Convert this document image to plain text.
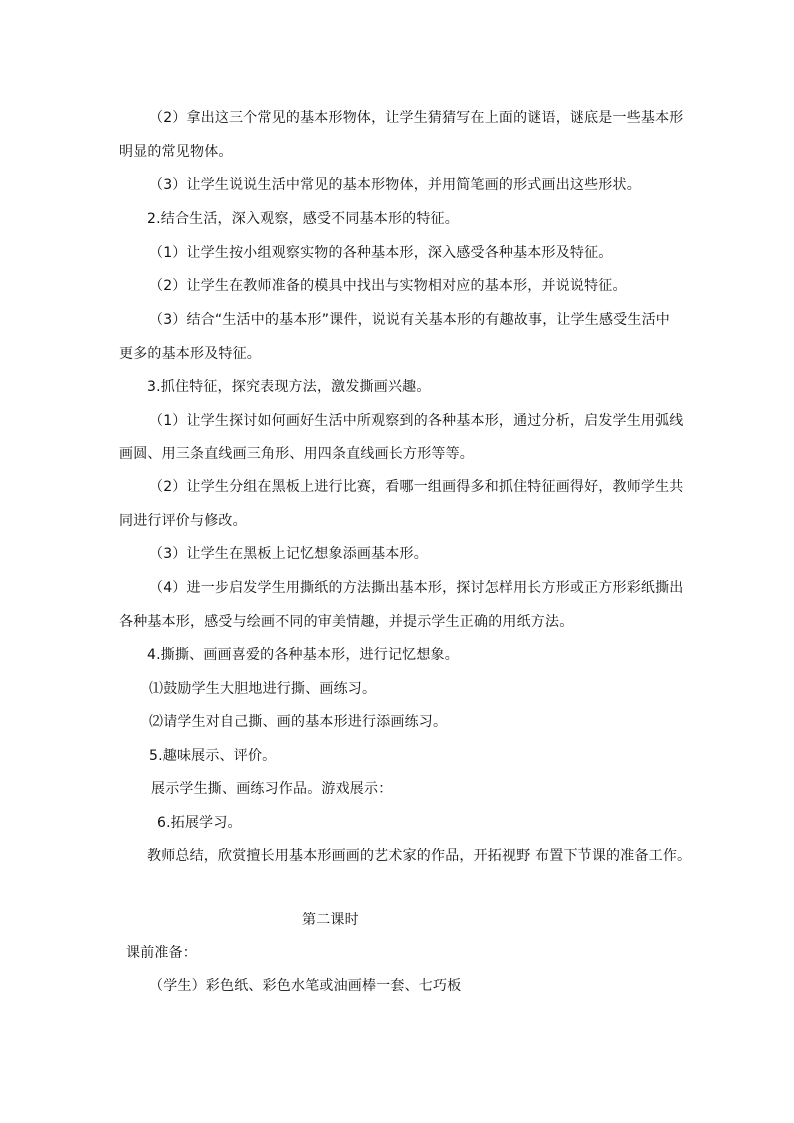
（2）拿出这三个常见的基本形物体，让学生猜猜写在上面的谜语，谜底是一些基本形
明显的常见物体。
（3）让学生说说生活中常见的基本形物体，并用简笔画的形式画出这些形状。
2.结合生活，深入观察，感受不同基本形的特征。
（1）让学生按小组观察实物的各种基本形，深入感受各种基本形及特征。
（2）让学生在教师准备的模具中找出与实物相对应的基本形，并说说特征。
（3）结合“生活中的基本形”课件，说说有关基本形的有趣故事，让学生感受生活中
更多的基本形及特征。
3.抓住特征，探究表现方法，激发撕画兴趣。
（1）让学生探讨如何画好生活中所观察到的各种基本形，通过分析，启发学生用弧线
画圆、用三条直线画三角形、用四条直线画长方形等等。
（2）让学生分组在黑板上进行比赛，看哪一组画得多和抓住特征画得好，教师学生共
同进行评价与修改。
（3）让学生在黑板上记忆想象添画基本形。
（4）进一步启发学生用撕纸的方法撕出基本形，探讨怎样用长方形或正方形彩纸撕出
各种基本形，感受与绘画不同的审美情趣，并提示学生正确的用纸方法。
4.撕撕、画画喜爱的各种基本形，进行记忆想象。
⑴鼓励学生大胆地进行撕、画练习。
⑵请学生对自己撕、画的基本形进行添画练习。
5.趣味展示、评价。
展示学生撕、画练习作品。游戏展示：
6.拓展学习。
教师总结，欣赏擅长用基本形画画的艺术家的作品，开拓视野 布置下节课的准备工作。
第二课时
课前准备：
（学生）彩色纸、彩色水笔或油画棒一套、七巧板
